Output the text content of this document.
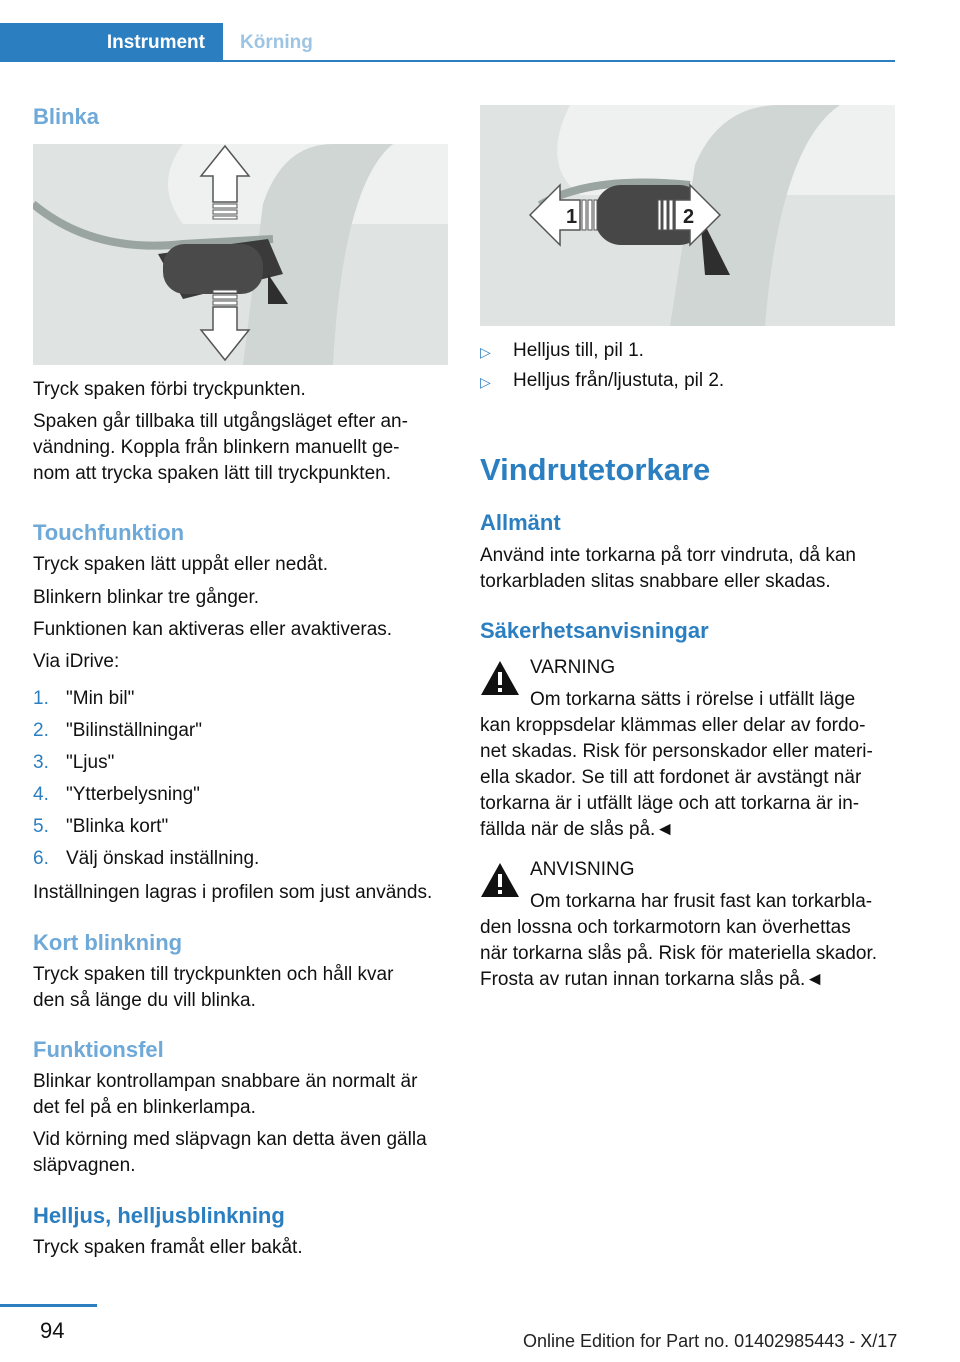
Instrument	Körning
Blinka
Tryck spaken förbi tryckpunkten.
Spaken går tillbaka till utgångsläget efter an-
vändning. Koppla från blinkern manuellt ge-
nom att trycka spaken lätt till tryckpunkten.
Touchfunktion
Tryck spaken lätt uppåt eller nedåt.
Blinkern blinkar tre gånger.
Funktionen kan aktiveras eller avaktiveras.
Via iDrive:
1. "Min bil"
2. "Bilinställningar"
3. "Ljus"
4. "Ytterbelysning"
5. "Blinka kort"
6. Välj önskad inställning.
Inställningen lagras i profilen som just används.
Kort blinkning
Tryck spaken till tryckpunkten och håll kvar
den så länge du vill blinka.
Funktionsfel
Blinkar kontrollampan snabbare än normalt är
det fel på en blinkerlampa.
Vid körning med släpvagn kan detta även gälla
släpvagnen.
Helljus, helljusblinkning
Tryck spaken framåt eller bakåt.
1	2
▷ Helljus till, pil 1.
▷ Helljus från/ljustuta, pil 2.
Vindrutetorkare
Allmänt
Använd inte torkarna på torr vindruta, då kan
torkarbladen slitas snabbare eller skadas.
Säkerhetsanvisningar
VARNING
Om torkarna sätts i rörelse i utfällt läge
kan kroppsdelar klämmas eller delar av fordo-
net skadas. Risk för personskador eller materi-
ella skador. Se till att fordonet är avstängt när
torkarna är i utfällt läge och att torkarna är in-
fällda när de slås på.◄
ANVISNING
Om torkarna har frusit fast kan torkarbla-
den lossna och torkarmotorn kan överhettas
när torkarna slås på. Risk för materiella skador.
Frosta av rutan innan torkarna slås på.◄
94	Online Edition for Part no. 01402985443 - X/17
